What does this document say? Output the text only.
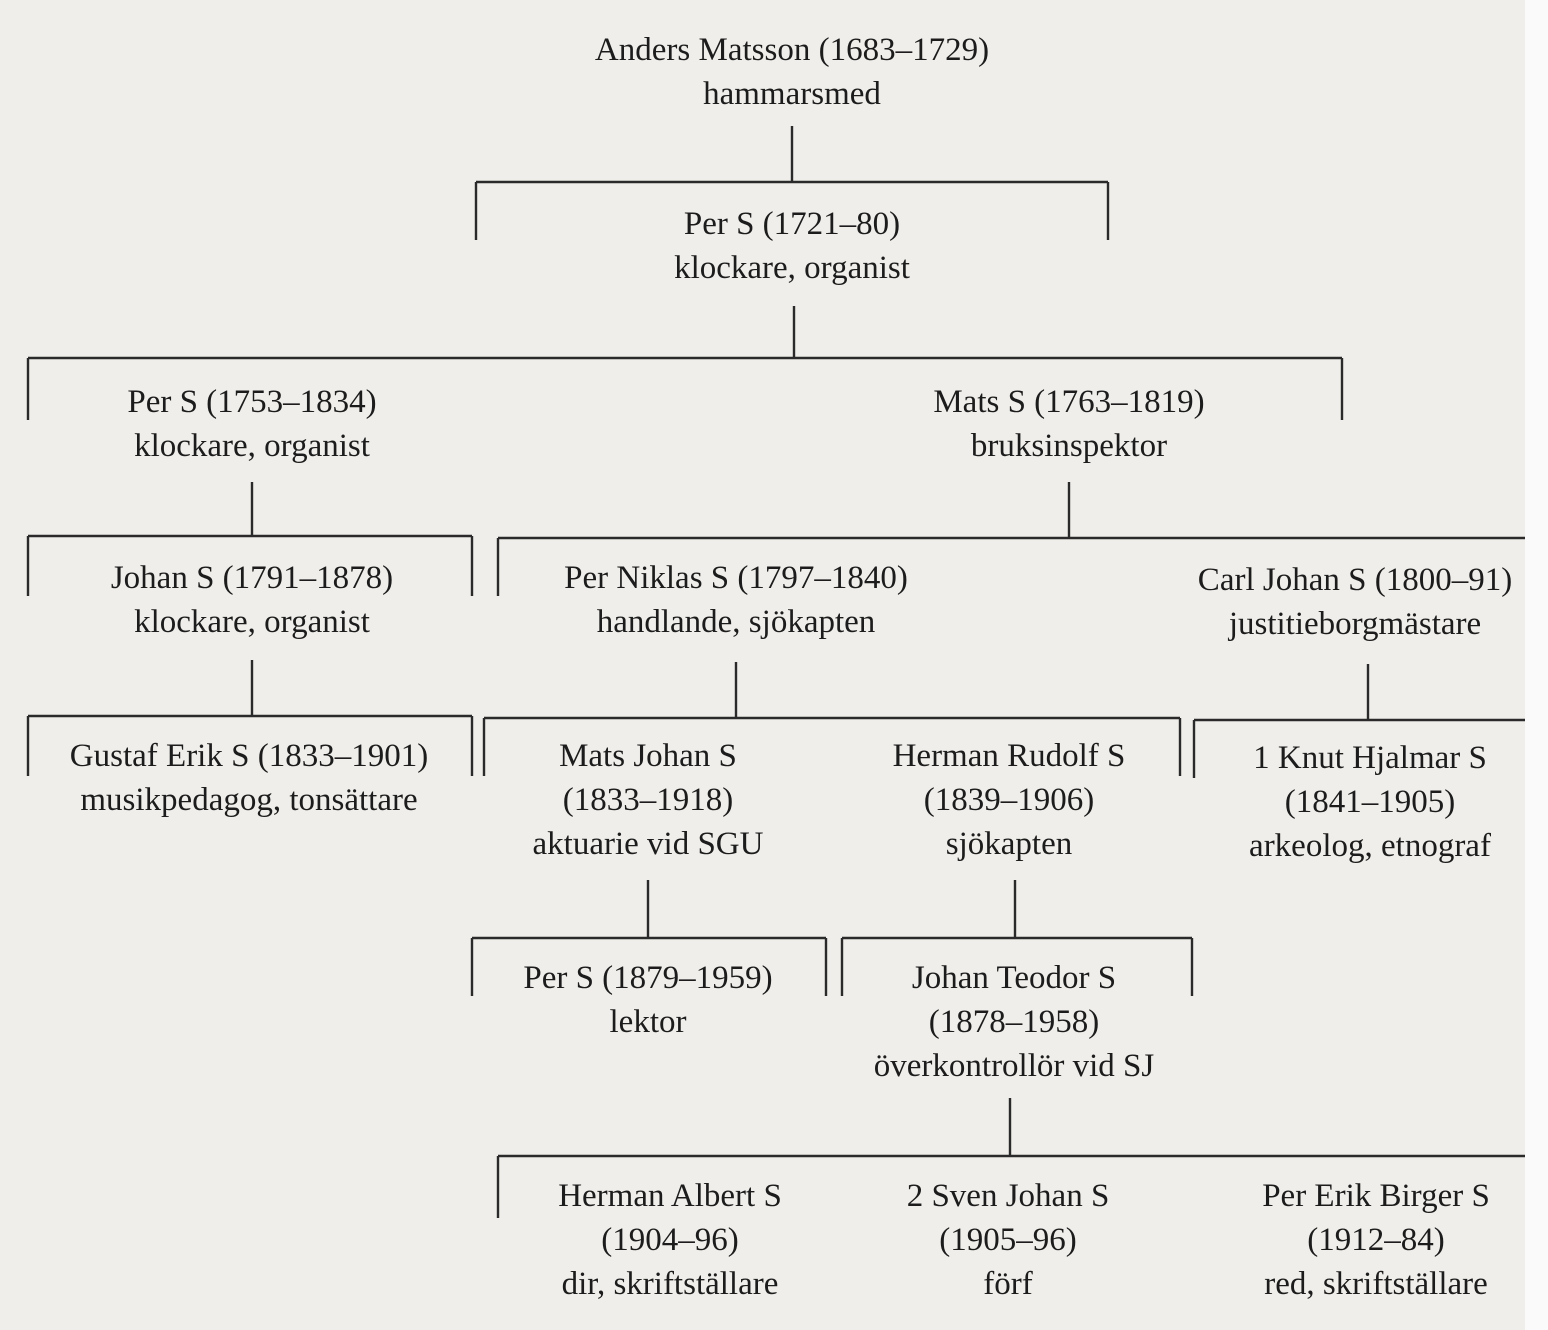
Anders Matsson (1683–1729)
hammarsmed
Per S (1721–80)
klockare, organist
Per S (1753–1834)
klockare, organist
Mats S (1763–1819)
bruksinspektor
Johan S (1791–1878)
klockare, organist
Per Niklas S (1797–1840)
handlande, sjökapten
Carl Johan S (1800–91)
justitieborgmästare
Gustaf Erik S (1833–1901)
musikpedagog, tonsättare
Mats Johan S
(1833–1918)
aktuarie vid SGU
Herman Rudolf S
(1839–1906)
sjökapten
1 Knut Hjalmar S
(1841–1905)
arkeolog, etnograf
Per S (1879–1959)
lektor
Johan Teodor S
(1878–1958)
överkontrollör vid SJ
Herman Albert S
(1904–96)
dir, skriftställare
2 Sven Johan S
(1905–96)
förf
Per Erik Birger S
(1912–84)
red, skriftställare
